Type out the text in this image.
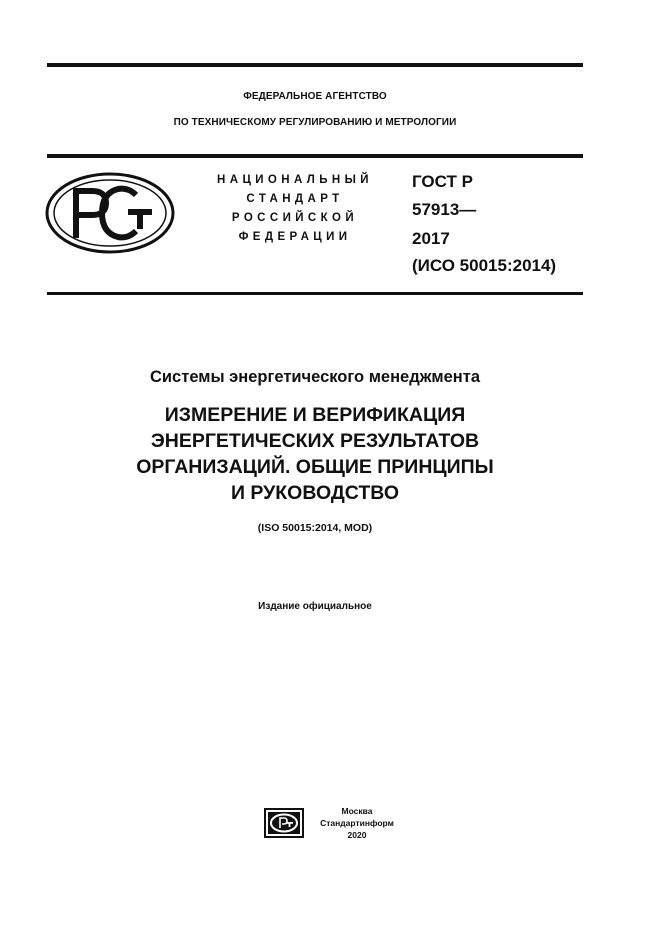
ФЕДЕРАЛЬНОЕ АГЕНТСТВО
ПО ТЕХНИЧЕСКОМУ РЕГУЛИРОВАНИЮ И МЕТРОЛОГИИ
НАЦИОНАЛЬНЫЙ
СТАНДАРТ
РОССИЙСКОЙ
ФЕДЕРАЦИИ
ГОСТ Р
57913—
2017
(ИСО 50015:2014)
Системы энергетического менеджмента
ИЗМЕРЕНИЕ И ВЕРИФИКАЦИЯ
ЭНЕРГЕТИЧЕСКИХ РЕЗУЛЬТАТОВ
ОРГАНИЗАЦИЙ. ОБЩИЕ ПРИНЦИПЫ
И РУКОВОДСТВО
(ISO 50015:2014, MOD)
Издание официальное
Москва
Стандартинформ
2020
